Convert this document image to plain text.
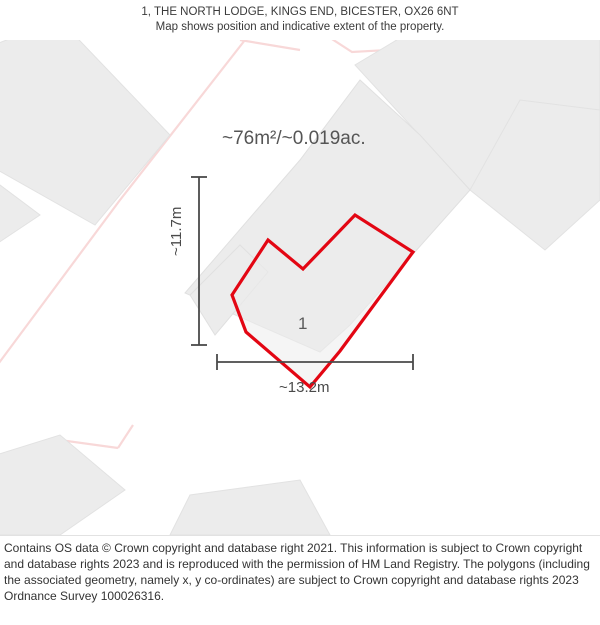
1, THE NORTH LODGE, KINGS END, BICESTER, OX26 6NT
Map shows position and indicative extent of the property.
~76m²/~0.019ac.
1
~11.7m
~13.2m

Contains OS data © Crown copyright and database right 2021. This information is subject to Crown copyright and database rights 2023 and is reproduced with the permission of HM Land Registry. The polygons (including the associated geometry, namely x, y co-ordinates) are subject to Crown copyright and database rights 2023 Ordnance Survey 100026316.
